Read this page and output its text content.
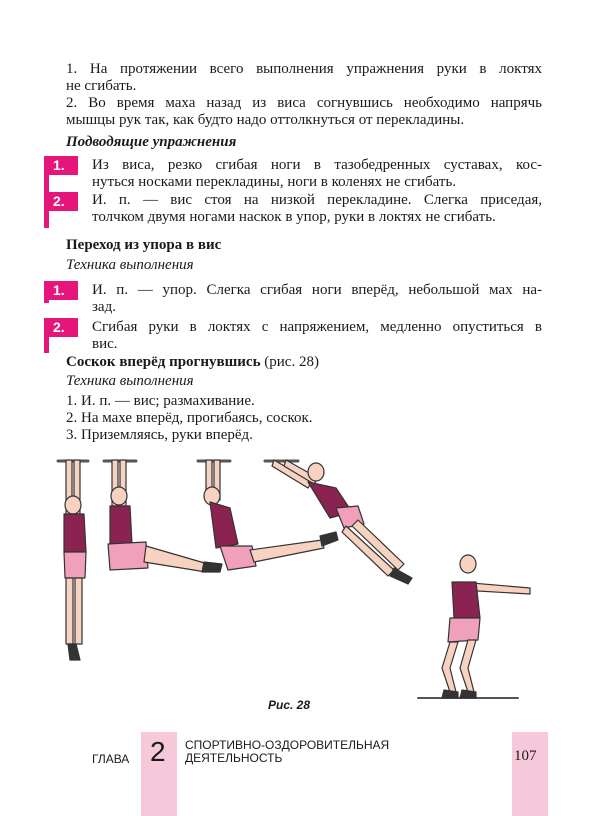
1. На протяжении всего выполнения упражнения руки в локтях
не сгибать.
2. Во время маха назад из виса согнувшись необходимо напрячь
мышцы рук так, как будто надо оттолкнуться от перекладины.
Подводящие упражнения
1.	Из виса, резко сгибая ноги в тазобедренных суставах, кос-
нуться носками перекладины, ноги в коленях не сгибать.
2.	И. п. — вис стоя на низкой перекладине. Слегка приседая,
толчком двумя ногами наскок в упор, руки в локтях не сгибать.
Переход из упора в вис
Техника выполнения
1.	И. п. — упор. Слегка сгибая ноги вперёд, небольшой мах на-
зад.
2.	Сгибая руки в локтях с напряжением, медленно опуститься в
вис.
Соскок вперёд прогнувшись (рис. 28)
Техника выполнения
1. И. п. — вис; размахивание.
2. На махе вперёд, прогибаясь, соскок.
3. Приземляясь, руки вперёд.
Рис. 28
ГЛАВА 2 СПОРТИВНО-ОЗДОРОВИТЕЛЬНАЯ
ДЕЯТЕЛЬНОСТЬ	107
